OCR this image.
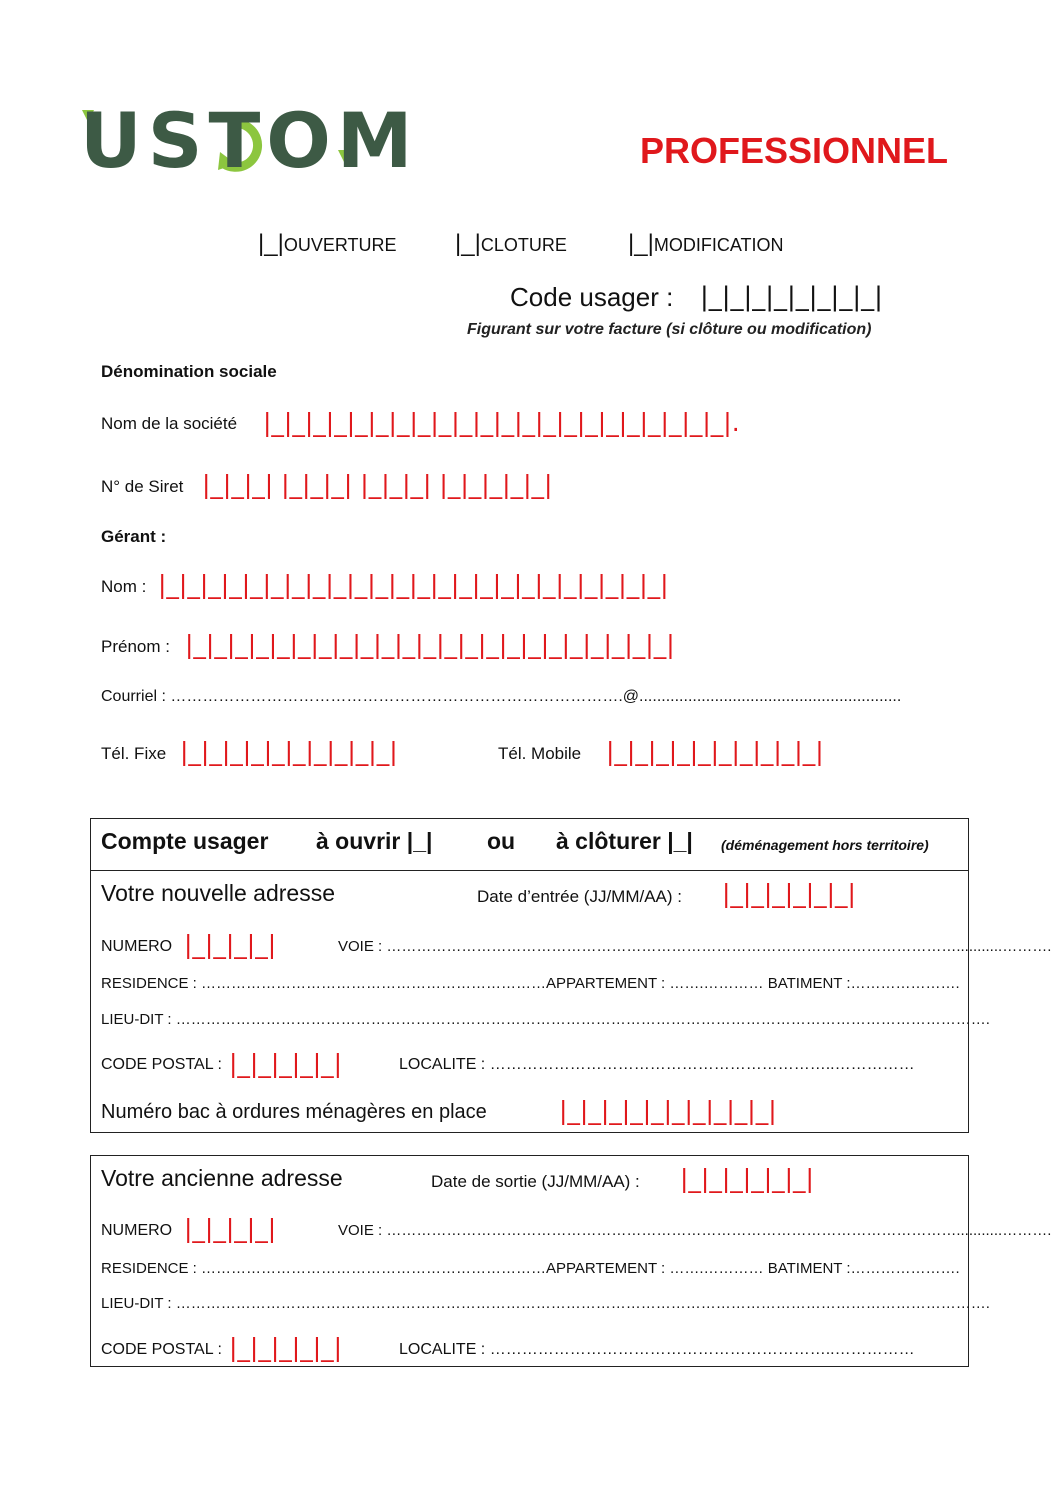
USTOM	PROFESSIONNEL
|_|OUVERTURE |_|CLOTURE	|_|MODIFICATION
Code usager : |_|_|_|_|_|_|_|_|
Figurant sur votre facture (si clôture ou modification)
Dénomination sociale
Nom de la société |_|_|_|_|_|_|_|_|_|_|_|_|_|_|_|_|_|_|_|_|_|_|.
N° de Siret |_|_|_| |_|_|_| |_|_|_| |_|_|_|_|_|
Gérant :
Nom : |_|_|_|_|_|_|_|_|_|_|_|_|_|_|_|_|_|_|_|_|_|_|_|_|
Prénom : |_|_|_|_|_|_|_|_|_|_|_|_|_|_|_|_|_|_|_|_|_|_|_|
Courriel : ………………………………………………………………………….@...........................................................
Tél. Fixe |_|_|_|_|_|_|_|_|_|_|	Tél. Mobile |_|_|_|_|_|_|_|_|_|_|
Compte usager à ouvrir |_| ou à clôturer |_| (déménagement hors territoire)
Votre nouvelle adresse	Date d’entrée (JJ/MM/AA) : |_|_|_|_|_|_|
NUMERO |_|_|_|_|	VOIE : ……………………………………………………………………………………………………...........……….
RESIDENCE : ……………………………………………………………APPARTEMENT : …….………… BATIMENT :………………….
LIEU-DIT : ……………………………………………………………………………………………………………………………………………….
CODE POSTAL : |_|_|_|_|_|	LOCALITE : ………………………………………………………..……………
Numéro bac à ordures ménagères en place	|_|_|_|_|_|_|_|_|_|_|
Votre ancienne adresse	Date de sortie (JJ/MM/AA) : |_|_|_|_|_|_|
NUMERO |_|_|_|_|	VOIE : ……………………………………………………………………………………………………...........……….
RESIDENCE : ……………………………………………………………APPARTEMENT : …….………… BATIMENT :………………….
LIEU-DIT : ……………………………………………………………………………………………………………………………………………….
CODE POSTAL : |_|_|_|_|_|	LOCALITE : ………………………………………………………..……………
